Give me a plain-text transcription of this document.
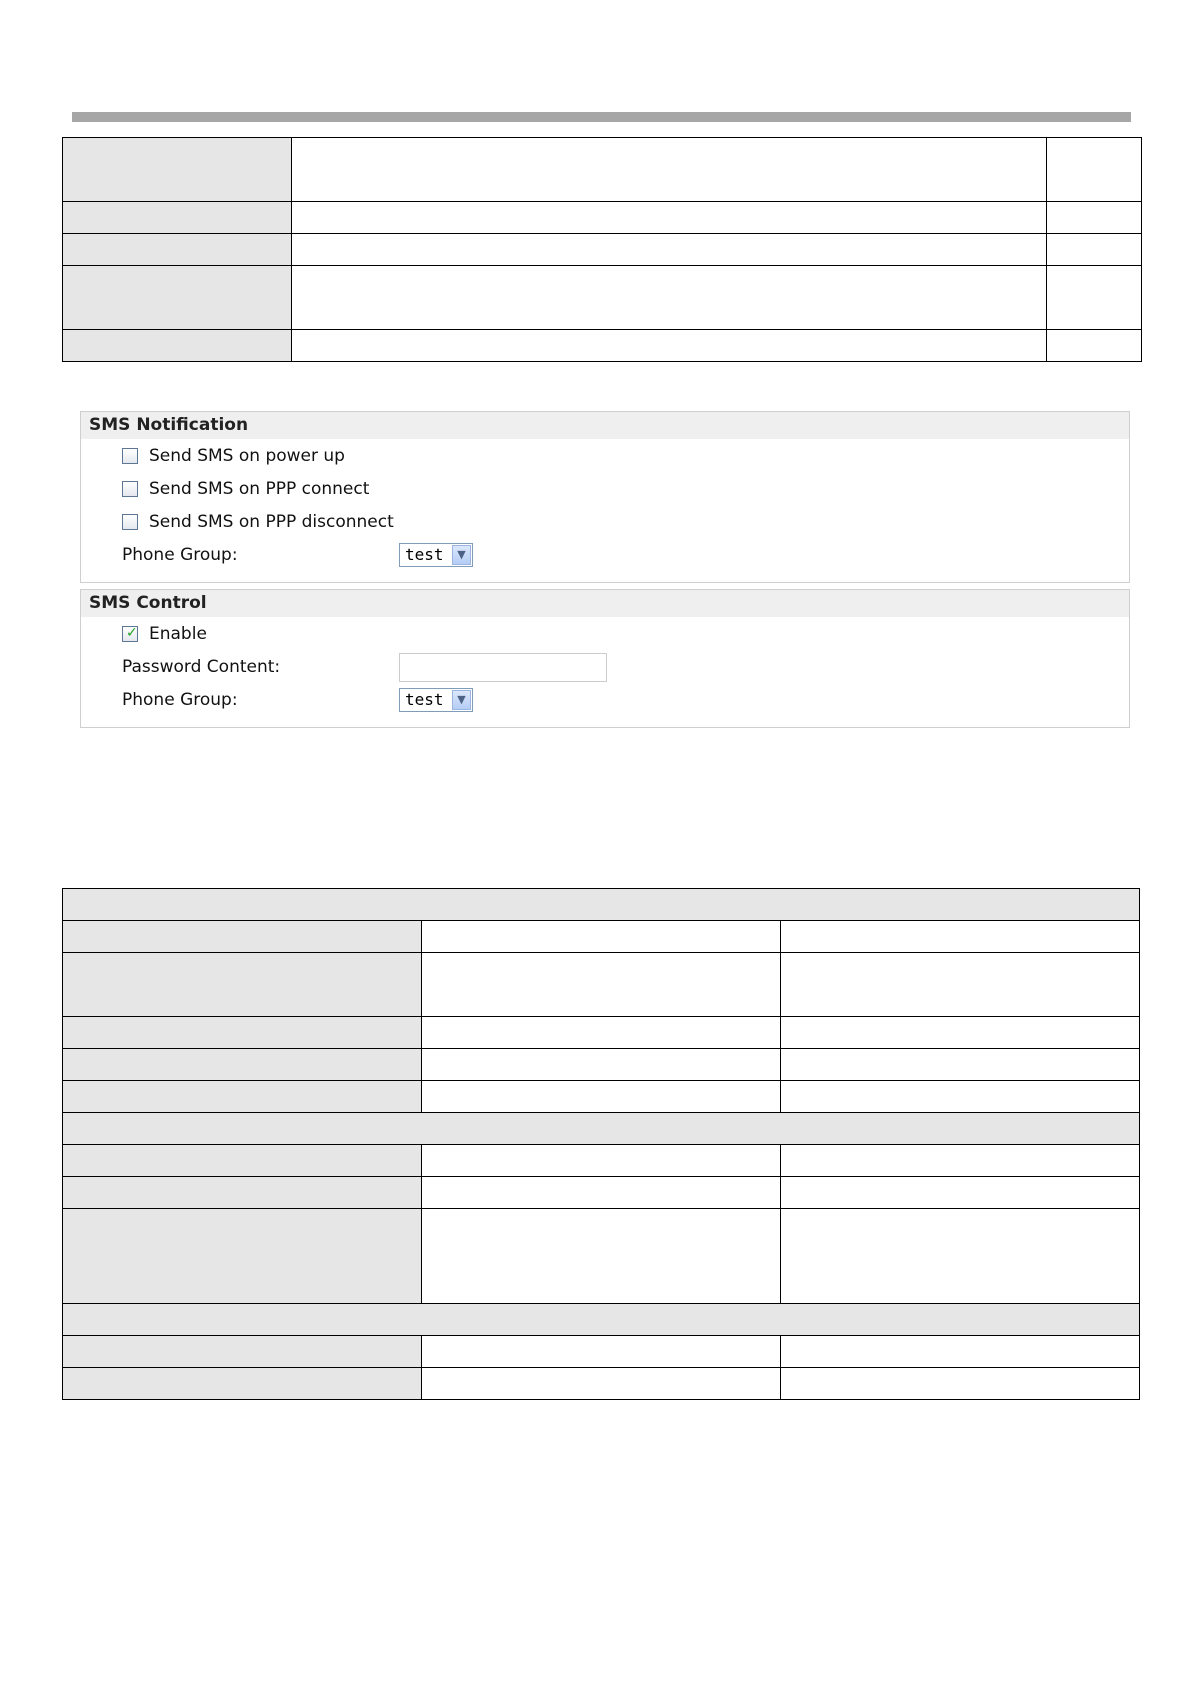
SMS Notification
Send SMS on power up
Send SMS on PPP connect
Send SMS on PPP disconnect
Phone Group:	test	▼
SMS Control
✓ Enable
Password Content:
Phone Group:	test	▼
